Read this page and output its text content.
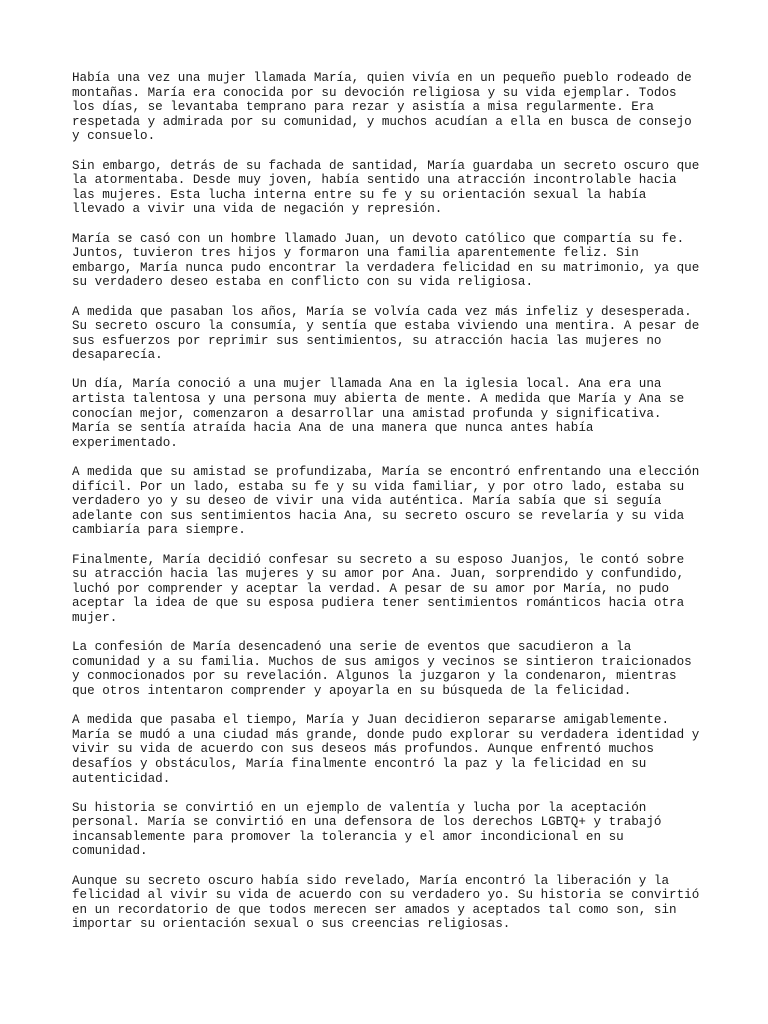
Había una vez una mujer llamada María, quien vivía en un pequeño pueblo rodeado de
montañas. María era conocida por su devoción religiosa y su vida ejemplar. Todos
los días, se levantaba temprano para rezar y asistía a misa regularmente. Era
respetada y admirada por su comunidad, y muchos acudían a ella en busca de consejo
y consuelo.
Sin embargo, detrás de su fachada de santidad, María guardaba un secreto oscuro que
la atormentaba. Desde muy joven, había sentido una atracción incontrolable hacia
las mujeres. Esta lucha interna entre su fe y su orientación sexual la había
llevado a vivir una vida de negación y represión.
María se casó con un hombre llamado Juan, un devoto católico que compartía su fe.
Juntos, tuvieron tres hijos y formaron una familia aparentemente feliz. Sin
embargo, María nunca pudo encontrar la verdadera felicidad en su matrimonio, ya que
su verdadero deseo estaba en conflicto con su vida religiosa.
A medida que pasaban los años, María se volvía cada vez más infeliz y desesperada.
Su secreto oscuro la consumía, y sentía que estaba viviendo una mentira. A pesar de
sus esfuerzos por reprimir sus sentimientos, su atracción hacia las mujeres no
desaparecía.
Un día, María conoció a una mujer llamada Ana en la iglesia local. Ana era una
artista talentosa y una persona muy abierta de mente. A medida que María y Ana se
conocían mejor, comenzaron a desarrollar una amistad profunda y significativa.
María se sentía atraída hacia Ana de una manera que nunca antes había
experimentado.
A medida que su amistad se profundizaba, María se encontró enfrentando una elección
difícil. Por un lado, estaba su fe y su vida familiar, y por otro lado, estaba su
verdadero yo y su deseo de vivir una vida auténtica. María sabía que si seguía
adelante con sus sentimientos hacia Ana, su secreto oscuro se revelaría y su vida
cambiaría para siempre.
Finalmente, María decidió confesar su secreto a su esposo Juanjos, le contó sobre
su atracción hacia las mujeres y su amor por Ana. Juan, sorprendido y confundido,
luchó por comprender y aceptar la verdad. A pesar de su amor por María, no pudo
aceptar la idea de que su esposa pudiera tener sentimientos románticos hacia otra
mujer.
La confesión de María desencadenó una serie de eventos que sacudieron a la
comunidad y a su familia. Muchos de sus amigos y vecinos se sintieron traicionados
y conmocionados por su revelación. Algunos la juzgaron y la condenaron, mientras
que otros intentaron comprender y apoyarla en su búsqueda de la felicidad.
A medida que pasaba el tiempo, María y Juan decidieron separarse amigablemente.
María se mudó a una ciudad más grande, donde pudo explorar su verdadera identidad y
vivir su vida de acuerdo con sus deseos más profundos. Aunque enfrentó muchos
desafíos y obstáculos, María finalmente encontró la paz y la felicidad en su
autenticidad.
Su historia se convirtió en un ejemplo de valentía y lucha por la aceptación
personal. María se convirtió en una defensora de los derechos LGBTQ+ y trabajó
incansablemente para promover la tolerancia y el amor incondicional en su
comunidad.
Aunque su secreto oscuro había sido revelado, María encontró la liberación y la
felicidad al vivir su vida de acuerdo con su verdadero yo. Su historia se convirtió
en un recordatorio de que todos merecen ser amados y aceptados tal como son, sin
importar su orientación sexual o sus creencias religiosas.
